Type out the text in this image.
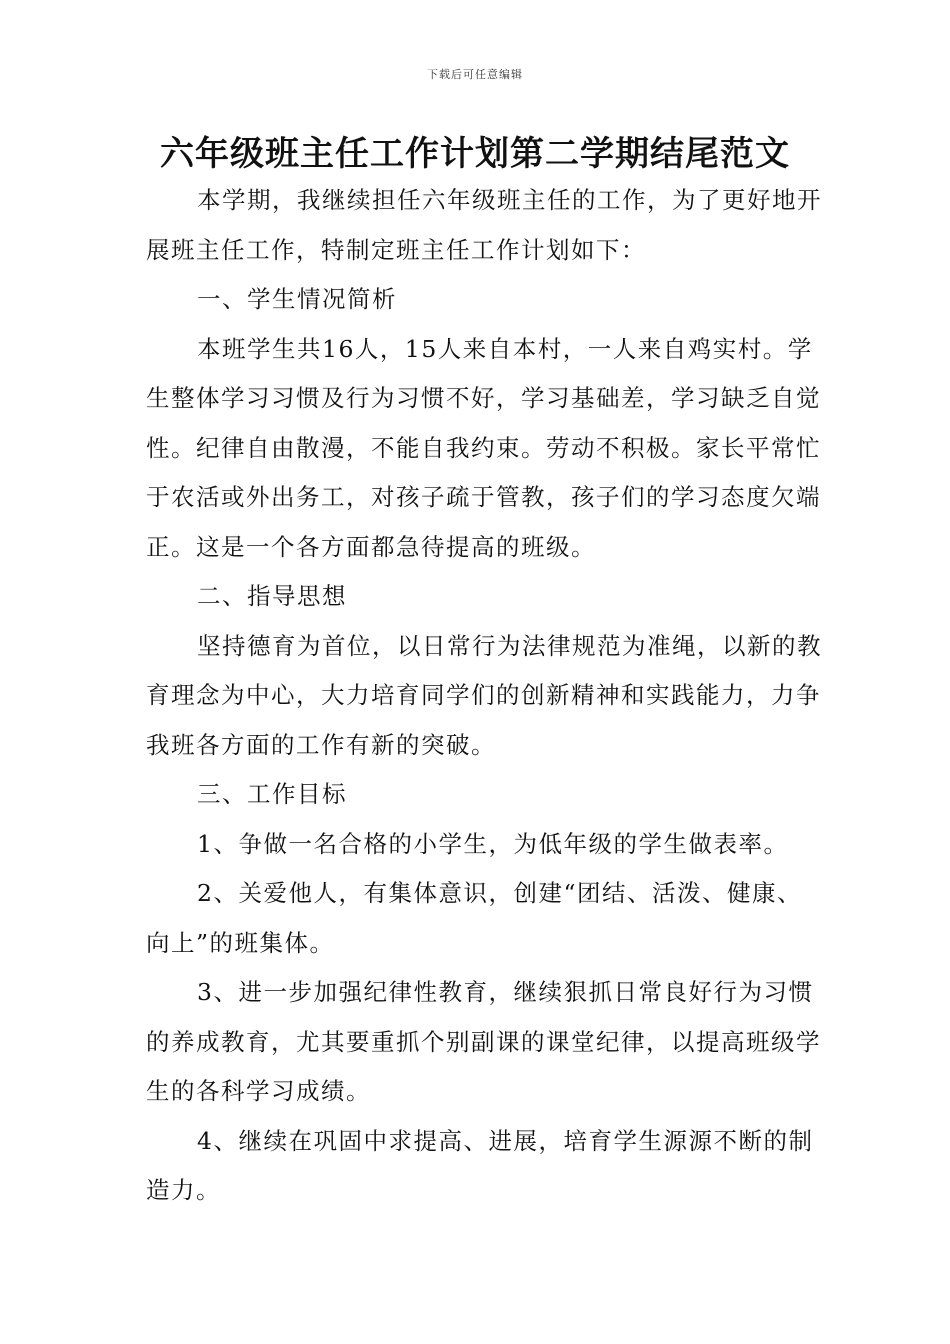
下载后可任意编辑
六年级班主任工作计划第二学期结尾范文

本学期，我继续担任六年级班主任的工作，为了更好地开展班主任工作，特制定班主任工作计划如下：

一、学生情况简析

本班学生共16人，15人来自本村，一人来自鸡实村。学生整体学习习惯及行为习惯不好，学习基础差，学习缺乏自觉性。纪律自由散漫，不能自我约束。劳动不积极。家长平常忙于农活或外出务工，对孩子疏于管教，孩子们的学习态度欠端正。这是一个各方面都急待提高的班级。

二、指导思想

坚持德育为首位，以日常行为法律规范为准绳，以新的教育理念为中心，大力培育同学们的创新精神和实践能力，力争我班各方面的工作有新的突破。

三、工作目标

1、争做一名合格的小学生，为低年级的学生做表率。

2、关爱他人，有集体意识，创建“团结、活泼、健康、向上”的班集体。

3、进一步加强纪律性教育，继续狠抓日常良好行为习惯的养成教育，尤其要重抓个别副课的课堂纪律，以提高班级学生的各科学习成绩。

4、继续在巩固中求提高、进展，培育学生源源不断的制造力。
